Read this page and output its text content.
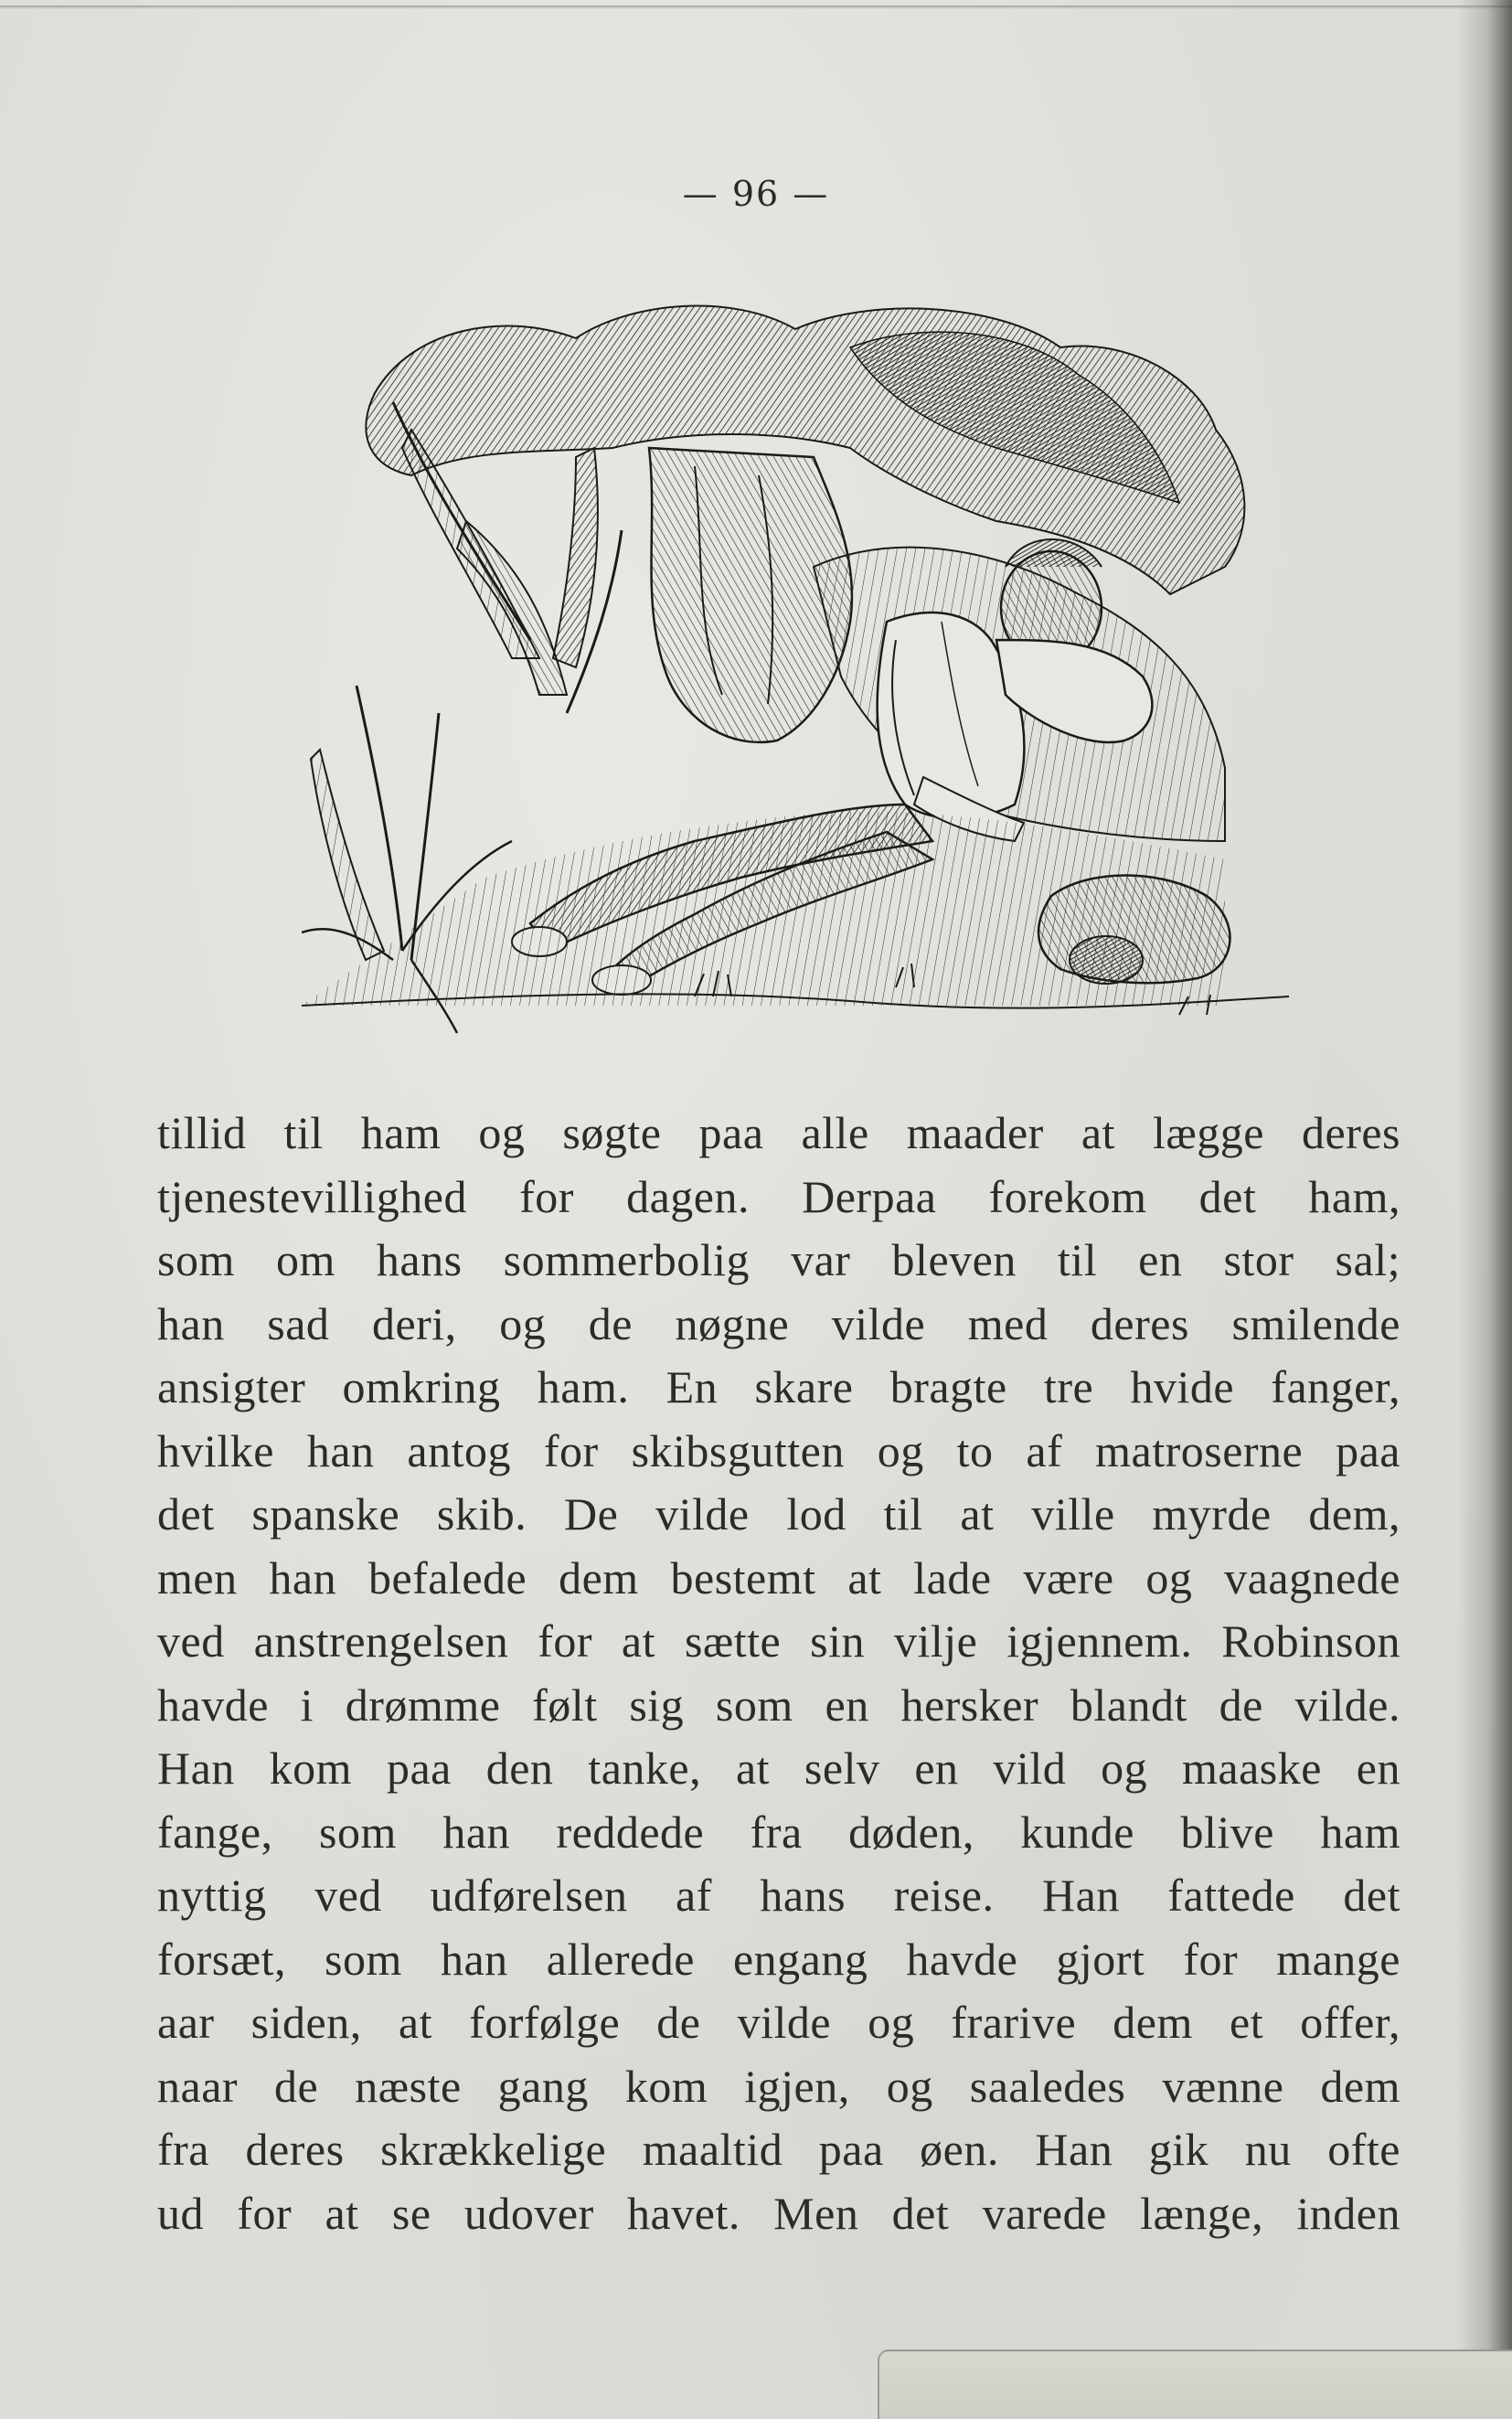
— 96 —
tillid til ham og søgte paa alle maader at lægge deres
tjenestevillighed for dagen. Derpaa forekom det ham,
som om hans sommerbolig var bleven til en stor sal;
han sad deri, og de nøgne vilde med deres smilende
ansigter omkring ham. En skare bragte tre hvide fanger,
hvilke han antog for skibsgutten og to af matroserne paa
det spanske skib. De vilde lod til at ville myrde dem,
men han befalede dem bestemt at lade være og vaagnede
ved anstrengelsen for at sætte sin vilje igjennem. Robinson
havde i drømme følt sig som en hersker blandt de vilde.
Han kom paa den tanke, at selv en vild og maaske en
fange, som han reddede fra døden, kunde blive ham
nyttig ved udførelsen af hans reise. Han fattede det
forsæt, som han allerede engang havde gjort for mange
aar siden, at forfølge de vilde og frarive dem et offer,
naar de næste gang kom igjen, og saaledes vænne dem
fra deres skrækkelige maaltid paa øen. Han gik nu ofte
ud for at se udover havet. Men det varede længe, inden
